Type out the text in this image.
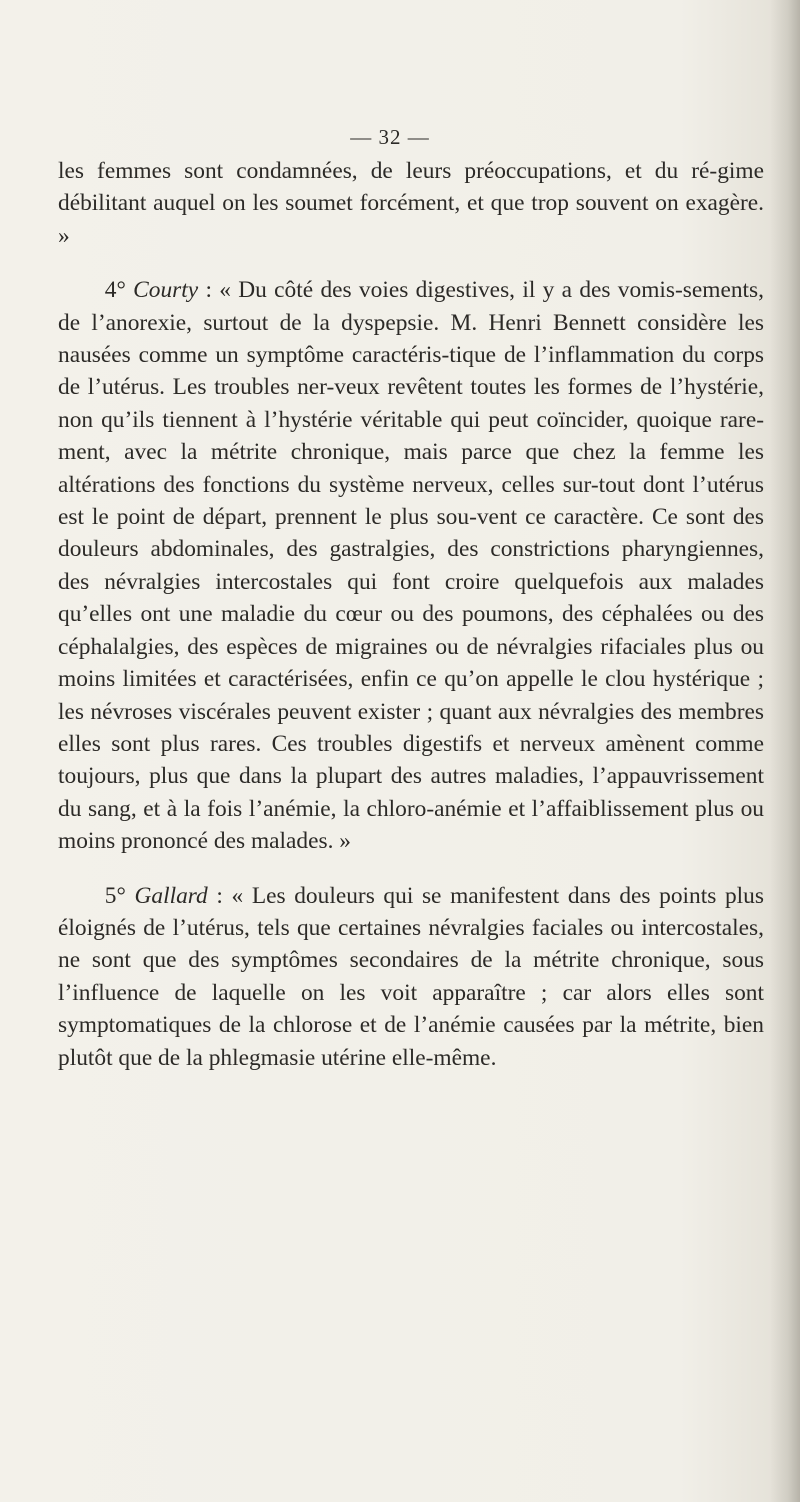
— 32 —

les femmes sont condamnées, de leurs préoccupations, et du ré-gime débilitant auquel on les soumet forcément, et que trop souvent on exagère. »

4° Courty : « Du côté des voies digestives, il y a des vomis-sements, de l’anorexie, surtout de la dyspepsie. M. Henri Bennett considère les nausées comme un symptôme caractéris-tique de l’inflammation du corps de l’utérus. Les troubles ner-veux revêtent toutes les formes de l’hystérie, non qu’ils tiennent à l’hystérie véritable qui peut coïncider, quoique rare-ment, avec la métrite chronique, mais parce que chez la femme les altérations des fonctions du système nerveux, celles sur-tout dont l’utérus est le point de départ, prennent le plus sou-vent ce caractère. Ce sont des douleurs abdominales, des gastralgies, des constrictions pharyngiennes, des névralgies intercostales qui font croire quelquefois aux malades qu’elles ont une maladie du cœur ou des poumons, des céphalées ou des céphalalgies, des espèces de migraines ou de névralgies rifaciales plus ou moins limitées et caractérisées, enfin ce qu’on appelle le clou hystérique ; les névroses viscérales peuvent exister ; quant aux névralgies des membres elles sont plus rares. Ces troubles digestifs et nerveux amènent comme toujours, plus que dans la plupart des autres maladies, l’appauvrissement du sang, et à la fois l’anémie, la chloro-anémie et l’affaiblissement plus ou moins prononcé des malades. »

5° Gallard : « Les douleurs qui se manifestent dans des points plus éloignés de l’utérus, tels que certaines névralgies faciales ou intercostales, ne sont que des symptômes secondaires de la métrite chronique, sous l’influence de laquelle on les voit apparaître ; car alors elles sont symptomatiques de la chlorose et de l’anémie causées par la métrite, bien plutôt que de la phlegmasie utérine elle-même.
